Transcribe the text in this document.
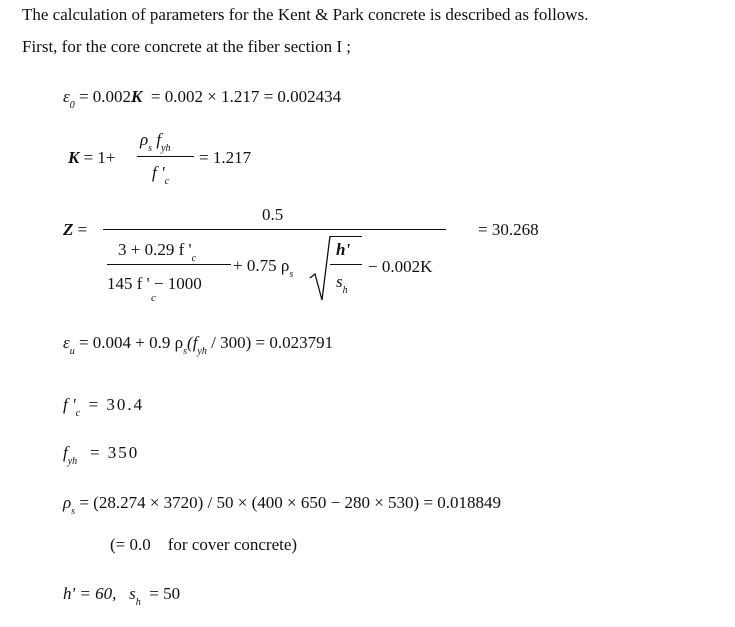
The calculation of parameters for the Kent & Park concrete is described as follows.
First, for the core concrete at the fiber section I ;
$\varepsilon_0 = 0.002K = 0.002 \times 1.217 = 0.002434$
K = 1+
$\rho_s$ $f_{yh}$
f '$_c$
= 1.217
Z =
0.5
3 + 0.29 f '$_c$
145 f ' − 1000
c
+ 0.75 $\rho_s$
h'
$s_h$
− 0.002K
= 30.268
$\varepsilon_u = 0.004 + 0.9$ $\rho_s(f_{yh} / 300) = 0.023791$
f '$_c = 30.4$
$f_{yh} = 350$
$\rho_s = (28.274 \times 3720) / 50 \times (400 \times 650 - 280 \times 530) = 0.018849$
(= 0.0    for cover concrete)
h' = 60, $s_h = 50$
